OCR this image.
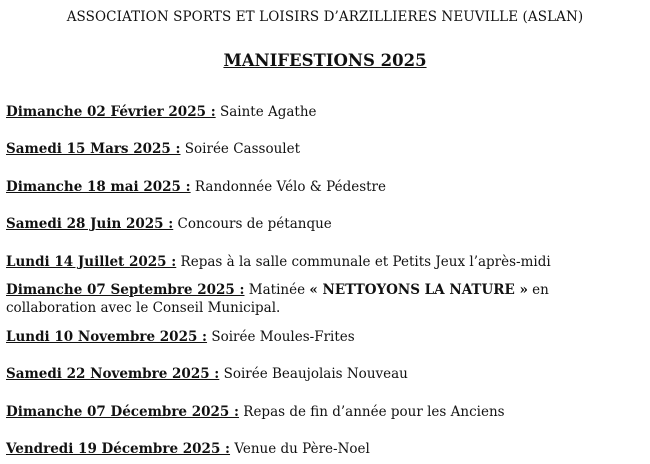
ASSOCIATION SPORTS ET LOISIRS D’ARZILLIERES NEUVILLE (ASLAN)
MANIFESTIONS 2025
Dimanche 02 Février 2025 : Sainte Agathe
Samedi 15 Mars 2025 : Soirée Cassoulet
Dimanche 18 mai 2025 : Randonnée Vélo & Pédestre
Samedi 28 Juin 2025 : Concours de pétanque
Lundi 14 Juillet 2025 : Repas à la salle communale et Petits Jeux l’après-midi
Dimanche 07 Septembre 2025 : Matinée « NETTOYONS LA NATURE » en collaboration avec le Conseil Municipal.
Lundi 10 Novembre 2025 : Soirée Moules-Frites
Samedi 22 Novembre 2025 : Soirée Beaujolais Nouveau
Dimanche 07 Décembre 2025 : Repas de fin d’année pour les Anciens
Vendredi 19 Décembre 2025 : Venue du Père-Noel
